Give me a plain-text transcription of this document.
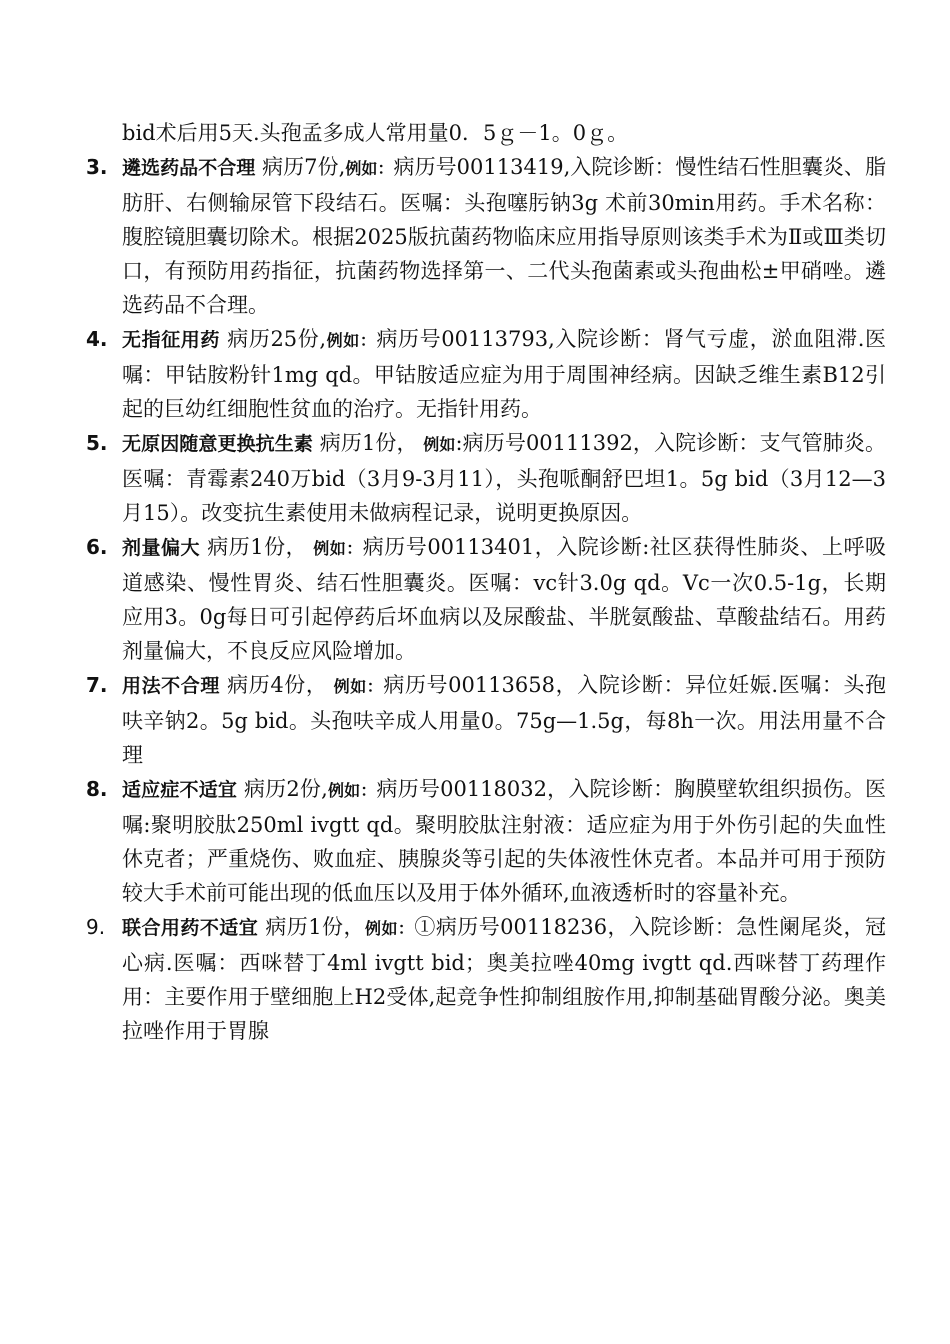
bid术后用5天.头孢孟多成人常用量0．5ｇ－1。0ｇ。

3. 遴选药品不合理 病历7份,例如：病历号00113419,入院诊断：慢性结石性胆囊炎、脂肪肝、右侧输尿管下段结石。医嘱：头孢噻肟钠3g 术前30min用药。手术名称：腹腔镜胆囊切除术。根据2025版抗菌药物临床应用指导原则该类手术为Ⅱ或Ⅲ类切口，有预防用药指征，抗菌药物选择第一、二代头孢菌素或头孢曲松±甲硝唑。遴选药品不合理。
4. 无指征用药 病历25份,例如：病历号00113793,入院诊断：肾气亏虚，淤血阻滞.医嘱：甲钴胺粉针1mg qd。甲钴胺适应症为用于周围神经病。因缺乏维生素B12引起的巨幼红细胞性贫血的治疗。无指针用药。
5. 无原因随意更换抗生素 病历1份， 例如:病历号00111392，入院诊断：支气管肺炎。医嘱：青霉素240万bid（3月9-3月11），头孢哌酮舒巴坦1。5g bid（3月12—3月15）。改变抗生素使用未做病程记录，说明更换原因。
6. 剂量偏大 病历1份， 例如：病历号00113401，入院诊断:社区获得性肺炎、上呼吸道感染、慢性胃炎、结石性胆囊炎。医嘱：vc针3.0g qd。Vc一次0.5-1g，长期应用3。0g每日可引起停药后坏血病以及尿酸盐、半胱氨酸盐、草酸盐结石。用药剂量偏大，不良反应风险增加。
7. 用法不合理 病历4份， 例如：病历号00113658，入院诊断：异位妊娠.医嘱：头孢呋辛钠2。5g bid。头孢呋辛成人用量0。75g—1.5g，每8h一次。用法用量不合理
8. 适应症不适宜 病历2份,例如：病历号00118032，入院诊断：胸膜壁软组织损伤。医嘱:聚明胶肽250ml ivgtt qd。聚明胶肽注射液：适应症为用于外伤引起的失血性休克者；严重烧伤、败血症、胰腺炎等引起的失体液性休克者。本品并可用于预防较大手术前可能出现的低血压以及用于体外循环,血液透析时的容量补充。
9. 联合用药不适宜 病历1份，例如：①病历号00118236，入院诊断：急性阑尾炎，冠心病.医嘱：西咪替丁4ml ivgtt bid；奥美拉唑40mg ivgtt qd.西咪替丁药理作用：主要作用于壁细胞上H2受体,起竞争性抑制组胺作用,抑制基础胃酸分泌。奥美拉唑作用于胃腺
